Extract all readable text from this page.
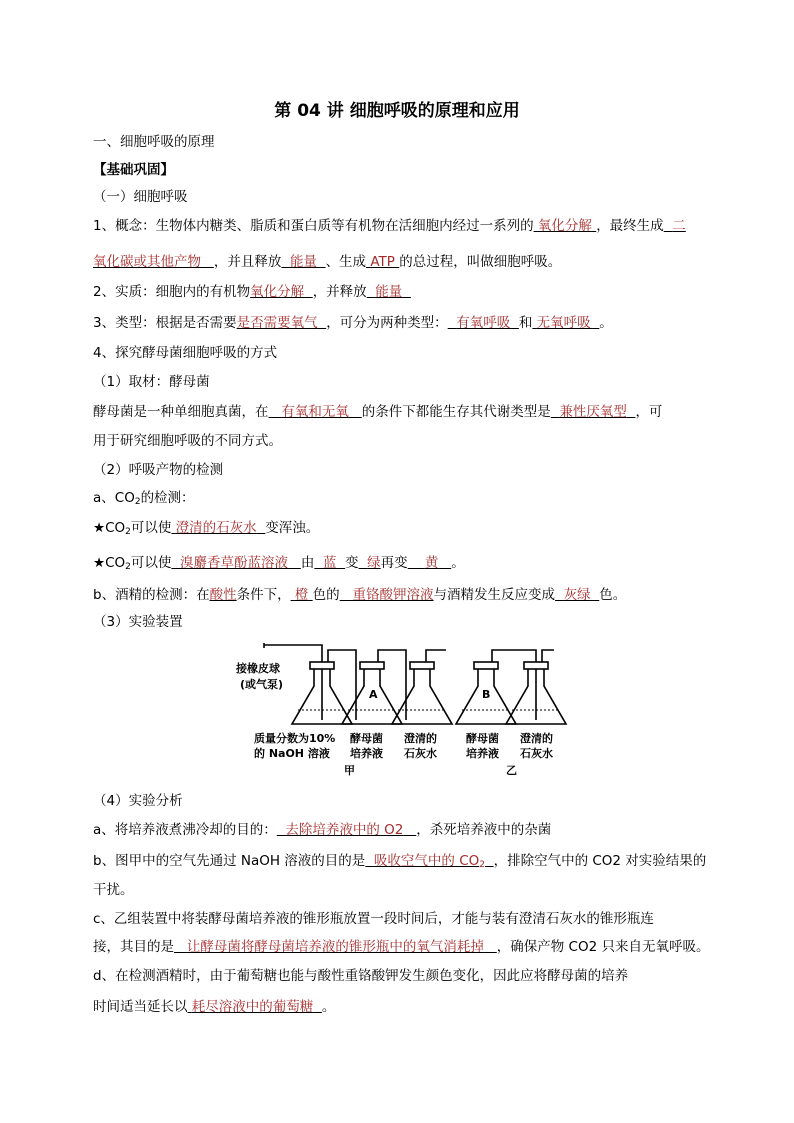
第 04 讲 细胞呼吸的原理和应用
一、细胞呼吸的原理
【基础巩固】
（一）细胞呼吸
1、概念：生物体内糖类、脂质和蛋白质等有机物在活细胞内经过一系列的 氧化分解 ，最终生成 二
氧化碳或其他产物 ，并且释放 能量 、生成 ATP 的总过程，叫做细胞呼吸。
2、实质：细胞内的有机物氧化分解 ，并释放 能量
3、类型：根据是否需要是否需要氧气 ，可分为两种类型： 有氧呼吸 和 无氧呼吸 。
4、探究酵母菌细胞呼吸的方式
（1）取材：酵母菌
酵母菌是一种单细胞真菌，在 有氧和无氧 的条件下都能生存其代谢类型是 兼性厌氧型 ，可
用于研究细胞呼吸的不同方式。
（2）呼吸产物的检测
a、$CO_2$的检测：
$★CO_2$可以使 澄清的石灰水 变浑浊。
$★CO_2$可以使 溴麝香草酚蓝溶液 由 蓝 变 绿再变 黄 。
b、酒精的检测：在酸性条件下， 橙 色的 重铬酸钾溶液与酒精发生反应变成 灰绿 色。
（3）实验装置
接橡皮球
(或气泵)
A	B
质量分数为10%
的 NaOH 溶液
酵母菌
培养液
澄清的
石灰水
酵母菌
培养液
澄清的
石灰水
甲	乙
（4）实验分析
a、将培养液煮沸冷却的目的： 去除培养液中的 O2 ，杀死培养液中的杂菌
b、图甲中的空气先通过 NaOH 溶液的目的是 吸收空气中的 $CO_2$ ，排除空气中的 CO2 对实验结果的
干扰。
c、乙组装置中将装酵母菌培养液的锥形瓶放置一段时间后，才能与装有澄清石灰水的锥形瓶连
接，其目的是 让酵母菌将酵母菌培养液的锥形瓶中的氧气消耗掉 ，确保产物 CO2 只来自无氧呼吸。
d、在检测酒精时，由于葡萄糖也能与酸性重铬酸钾发生颜色变化，因此应将酵母菌的培养
时间适当延长以 耗尽溶液中的葡萄糖 。
